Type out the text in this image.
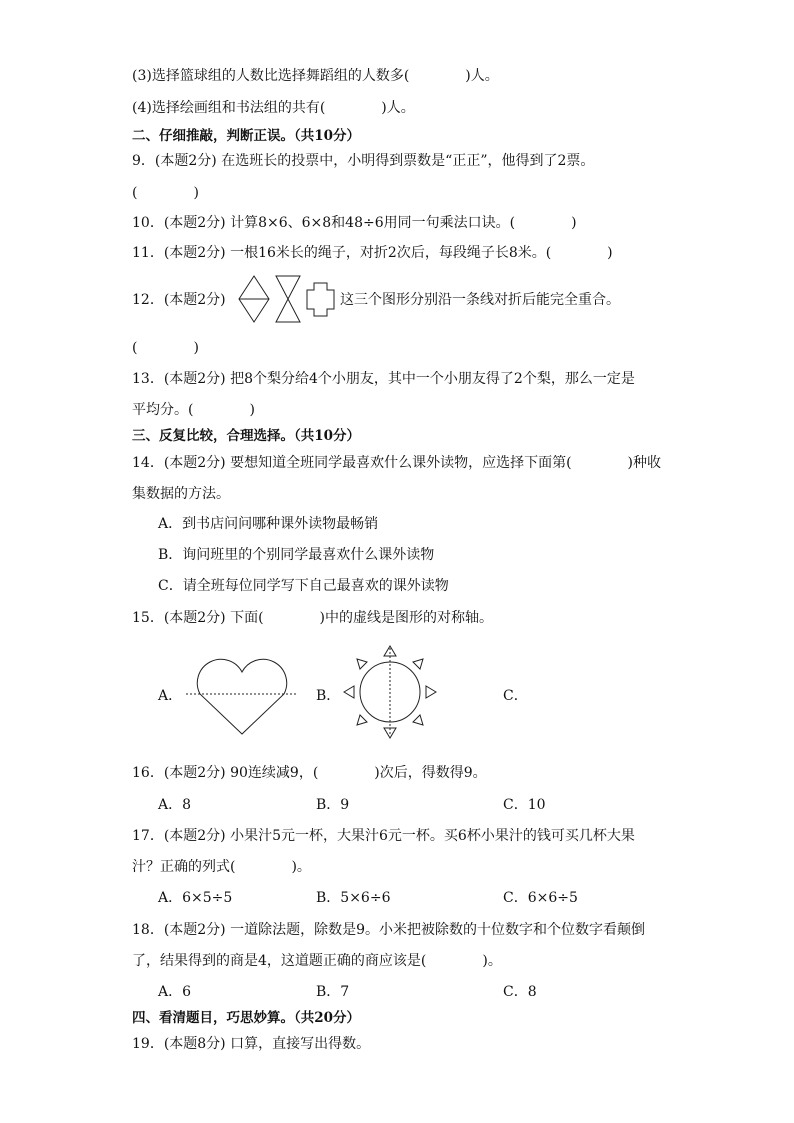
(3)选择篮球组的人数比选择舞蹈组的人数多(　　　　)人。
(4)选择绘画组和书法组的共有(　　　　)人。
二、仔细推敲，判断正误。（共10分）
9．(本题2分) 在选班长的投票中，小明得到票数是“正正”，他得到了2票。
(　　　　)
10．(本题2分) 计算8×6、6×8和48÷6用同一句乘法口诀。(　　　　)
11．(本题2分) 一根16米长的绳子，对折2次后，每段绳子长8米。(　　　　)
12．(本题2分)	这三个图形分别沿一条线对折后能完全重合。
(　　　　)
13．(本题2分) 把8个梨分给4个小朋友，其中一个小朋友得了2个梨，那么一定是
平均分。(　　　　)
三、反复比较，合理选择。（共10分）
14．(本题2分) 要想知道全班同学最喜欢什么课外读物，应选择下面第(　　　　)种收
集数据的方法。
A．到书店问问哪种课外读物最畅销
B．询问班里的个别同学最喜欢什么课外读物
C．请全班每位同学写下自己最喜欢的课外读物
15．(本题2分) 下面(　　　　)中的虚线是图形的对称轴。
A．	B．	C．
16．(本题2分) 90连续减9，(　　　　)次后，得数得9。
A．8	B．9	C．10
17．(本题2分) 小果汁5元一杯，大果汁6元一杯。买6杯小果汁的钱可买几杯大果
汁？正确的列式(　　　　)。
A．6×5÷5	B．5×6÷6	C．6×6÷5
18．(本题2分) 一道除法题，除数是9。小米把被除数的十位数字和个位数字看颠倒
了，结果得到的商是4，这道题正确的商应该是(　　　　)。
A．6	B．7	C．8
四、看清题目，巧思妙算。（共20分）
19．(本题8分) 口算，直接写出得数。
